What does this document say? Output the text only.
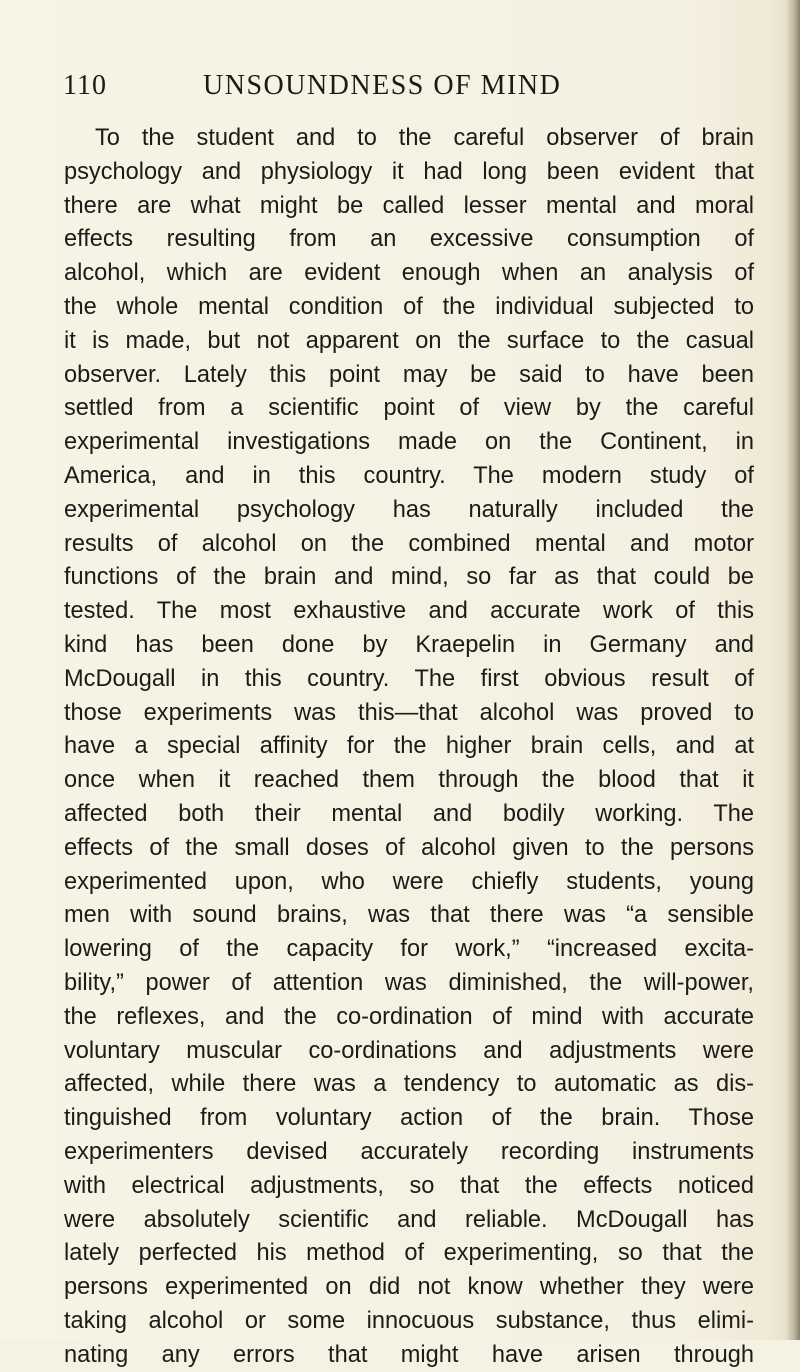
110	UNSOUNDNESS OF MIND
To the student and to the careful observer of brain
psychology and physiology it had long been evident that
there are what might be called lesser mental and moral
effects resulting from an excessive consumption of
alcohol, which are evident enough when an analysis of
the whole mental condition of the individual subjected to
it is made, but not apparent on the surface to the casual
observer. Lately this point may be said to have been
settled from a scientific point of view by the careful
experimental investigations made on the Continent, in
America, and in this country. The modern study of
experimental psychology has naturally included the
results of alcohol on the combined mental and motor
functions of the brain and mind, so far as that could be
tested. The most exhaustive and accurate work of this
kind has been done by Kraepelin in Germany and
McDougall in this country. The first obvious result of
those experiments was this—that alcohol was proved to
have a special affinity for the higher brain cells, and at
once when it reached them through the blood that it
affected both their mental and bodily working. The
effects of the small doses of alcohol given to the persons
experimented upon, who were chiefly students, young
men with sound brains, was that there was “a sensible
lowering of the capacity for work,” “increased excita-
bility,” power of attention was diminished, the will-power,
the reflexes, and the co-ordination of mind with accurate
voluntary muscular co-ordinations and adjustments were
affected, while there was a tendency to automatic as dis-
tinguished from voluntary action of the brain. Those
experimenters devised accurately recording instruments
with electrical adjustments, so that the effects noticed
were absolutely scientific and reliable. McDougall has
lately perfected his method of experimenting, so that the
persons experimented on did not know whether they were
taking alcohol or some innocuous substance, thus elimi-
nating any errors that might have arisen through
